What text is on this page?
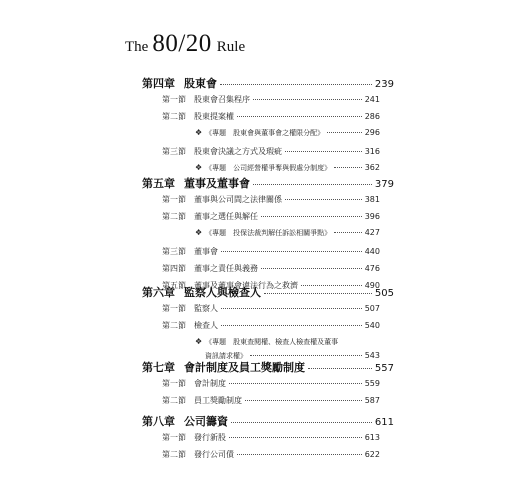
The 80/20 Rule
第四章 股東會	239
第一節	股東會召集程序	241
第二節	股東提案權	286
❖ 《專題　股東會與董事會之權限分配》	296
第三節	股東會決議之方式及瑕疵	316
❖ 《專題　公司經營權爭奪與假處分制度》	362
第五章 董事及董事會	379
第一節	董事與公司間之法律關係	381
第二節	董事之選任與解任	396
❖ 《專題　投保法裁判解任訴訟相關爭點》	427
第三節	董事會	440
第四節	董事之責任與義務	476
第五節	董事及董事會違法行為之救濟	490
第六章 監察人與檢查人	505
第一節	監察人	507
第二節	檢查人	540
❖ 《專題　股東查閱權、檢查人檢查權及董事
資訊請求權》	543
第七章 會計制度及員工獎勵制度	557
第一節	會計制度	559
第二節	員工獎勵制度	587
第八章 公司籌資	611
第一節	發行新股	613
第二節	發行公司債	622
